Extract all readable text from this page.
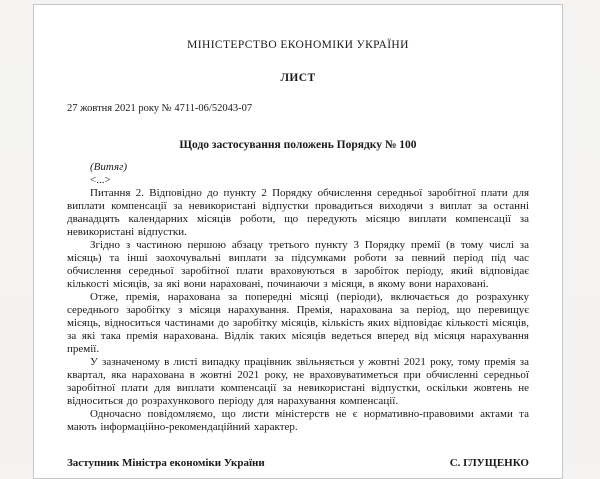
МІНІСТЕРСТВО ЕКОНОМІКИ УКРАЇНИ
ЛИСТ
27 жовтня 2021 року № 4711-06/52043-07
Щодо застосування положень Порядку № 100
(Витяг)
<...>

Питання 2. Відповідно до пункту 2 Порядку обчислення середньої заробітної плати для виплати компенсації за невикористані відпустки провадиться виходячи з виплат за останні дванадцять календарних місяців роботи, що передують місяцю виплати компенсації за невикористані відпустки.

Згідно з частиною першою абзацу третього пункту 3 Порядку премії (в тому числі за місяць) та інші заохочувальні виплати за підсумками роботи за певний період під час обчислення середньої заробітної плати враховуються в заробіток періоду, який відповідає кількості місяців, за які вони нараховані, починаючи з місяця, в якому вони нараховані.

Отже, премія, нарахована за попередні місяці (періоди), включається до розрахунку середнього заробітку з місяця нарахування. Премія, нарахована за період, що перевищує місяць, відноситься частинами до заробітку місяців, кількість яких відповідає кількості місяців, за які така премія нарахована. Відлік таких місяців ведеться вперед від місяця нарахування премії.

У зазначеному в листі випадку працівник звільняється у жовтні 2021 року, тому премія за квартал, яка нарахована в жовтні 2021 року, не враховуватиметься при обчисленні середньої заробітної плати для виплати компенсації за невикористані відпустки, оскільки жовтень не відноситься до розрахункового періоду для нарахування компенсації.

Одночасно повідомляємо, що листи міністерств не є нормативно-правовими актами та мають інформаційно-рекомендаційний характер.

Заступник Міністра економіки України	С. ГЛУЩЕНКО
